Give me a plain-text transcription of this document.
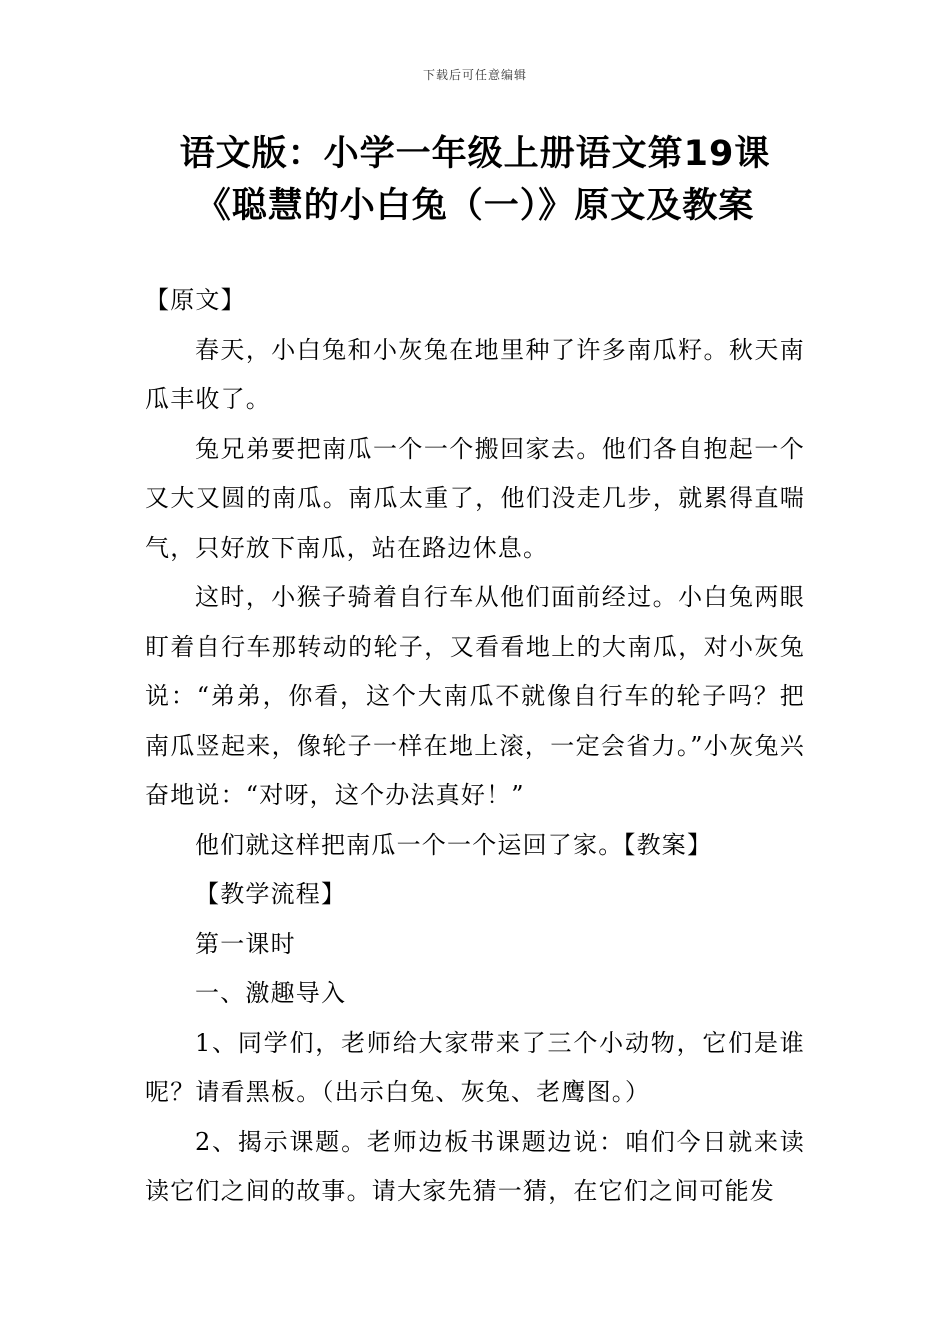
下载后可任意编辑
语文版：小学一年级上册语文第19课《聪慧的小白兔（一）》原文及教案

【原文】

春天，小白兔和小灰兔在地里种了许多南瓜籽。秋天南瓜丰收了。

兔兄弟要把南瓜一个一个搬回家去。他们各自抱起一个又大又圆的南瓜。南瓜太重了，他们没走几步，就累得直喘气，只好放下南瓜，站在路边休息。

这时，小猴子骑着自行车从他们面前经过。小白兔两眼盯着自行车那转动的轮子，又看看地上的大南瓜，对小灰兔说：“弟弟，你看，这个大南瓜不就像自行车的轮子吗？把南瓜竖起来，像轮子一样在地上滚，一定会省力。”小灰兔兴奋地说：“对呀，这个办法真好！”

他们就这样把南瓜一个一个运回了家。【教案】

【教学流程】

第一课时

一、激趣导入

1、同学们，老师给大家带来了三个小动物，它们是谁呢？请看黑板。（出示白兔、灰兔、老鹰图。）

2、揭示课题。老师边板书课题边说：咱们今日就来读读它们之间的故事。请大家先猜一猜，在它们之间可能发
